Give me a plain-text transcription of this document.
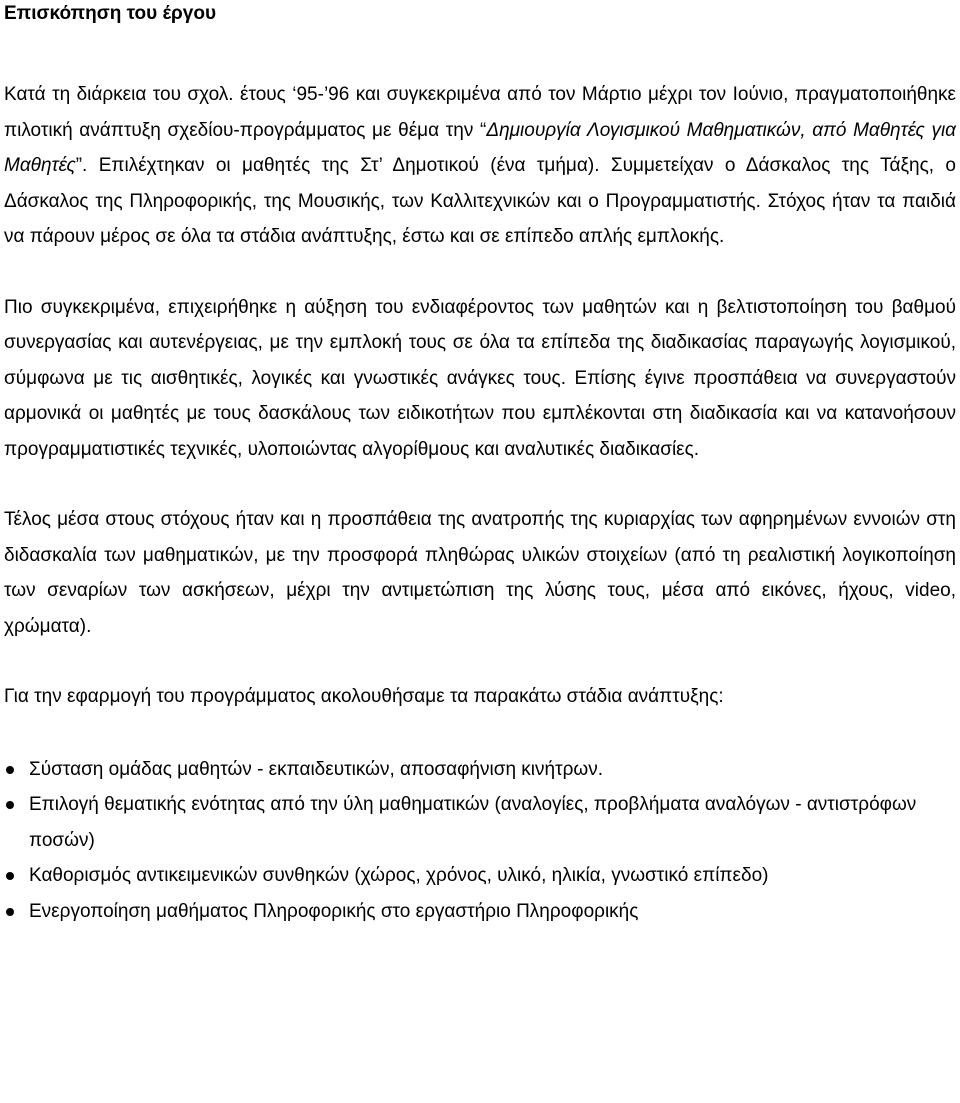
Επισκόπηση του έργου

Κατά τη διάρκεια του σχολ. έτους ‘95-’96 και συγκεκριμένα από τον Μάρτιο μέχρι τον Ιούνιο, πραγματοποιήθηκε πιλοτική ανάπτυξη σχεδίου-προγράμματος με θέμα την “Δημιουργία Λογισμικού Μαθηματικών, από Μαθητές για Μαθητές”. Επιλέχτηκαν οι μαθητές της Στ’ Δημοτικού (ένα τμήμα). Συμμετείχαν ο Δάσκαλος της Τάξης, ο Δάσκαλος της Πληροφορικής, της Μουσικής, των Καλλιτεχνικών και ο Προγραμματιστής. Στόχος ήταν τα παιδιά να πάρουν μέρος σε όλα τα στάδια ανάπτυξης, έστω και σε επίπεδο απλής εμπλοκής.

Πιο συγκεκριμένα, επιχειρήθηκε η αύξηση του ενδιαφέροντος των μαθητών και η βελτιστοποίηση του βαθμού συνεργασίας και αυτενέργειας, με την εμπλοκή τους σε όλα τα επίπεδα της διαδικασίας παραγωγής λογισμικού, σύμφωνα με τις αισθητικές, λογικές και γνωστικές ανάγκες τους. Επίσης έγινε προσπάθεια να συνεργαστούν αρμονικά οι μαθητές με τους δασκάλους των ειδικοτήτων που εμπλέκονται στη διαδικασία και να κατανοήσουν προγραμματιστικές τεχνικές, υλοποιώντας αλγορίθμους και αναλυτικές διαδικασίες.

Τέλος μέσα στους στόχους ήταν και η προσπάθεια της ανατροπής της κυριαρχίας των αφηρημένων εννοιών στη διδασκαλία των μαθηματικών, με την προσφορά πληθώρας υλικών στοιχείων (από τη ρεαλιστική λογικοποίηση των σεναρίων των ασκήσεων, μέχρι την αντιμετώπιση της λύσης τους, μέσα από εικόνες, ήχους, video, χρώματα).

Για την εφαρμογή του προγράμματος ακολουθήσαμε τα παρακάτω στάδια ανάπτυξης:

Σύσταση ομάδας μαθητών - εκπαιδευτικών, αποσαφήνιση κινήτρων.
Επιλογή θεματικής ενότητας από την ύλη μαθηματικών (αναλογίες, προβλήματα αναλόγων - αντιστρόφων ποσών)
Καθορισμός αντικειμενικών συνθηκών (χώρος, χρόνος, υλικό, ηλικία, γνωστικό επίπεδο)
Ενεργοποίηση μαθήματος Πληροφορικής στο εργαστήριο Πληροφορικής
